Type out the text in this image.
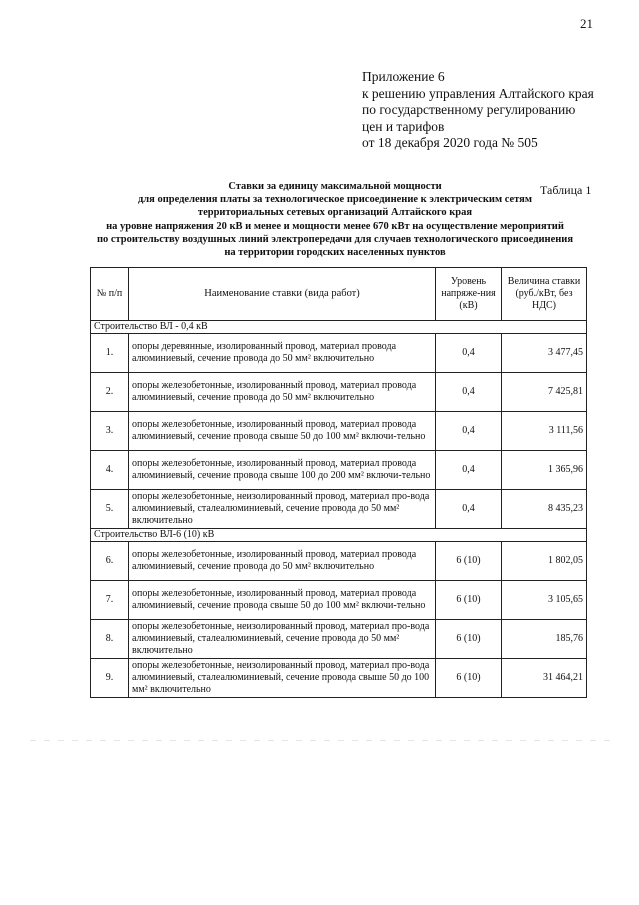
21
Приложение 6
к решению управления Алтайского края
по государственному регулированию
цен и тарифов
от 18 декабря 2020 года № 505
Таблица 1
Ставки за единицу максимальной мощности
для определения платы за технологическое присоединение к электрическим сетям
территориальных сетевых организаций Алтайского края
на уровне напряжения 20 кВ и менее и мощности менее 670 кВт на осуществление мероприятий
по строительству воздушных линий электропередачи для случаев технологического присоединения
на территории городских населенных пунктов
№ п/п	Наименование ставки (вида работ)	Уровень напряже-ния (кВ)	Величина ставки (руб./кВт, без НДС)
Строительство ВЛ - 0,4 кВ			
1.	опоры деревянные, изолированный провод, материал провода алюминиевый, сечение провода до 50 мм² включительно	0,4	3 477,45
2.	опоры железобетонные, изолированный провод, материал провода алюминиевый, сечение провода до 50 мм² включительно	0,4	7 425,81
3.	опоры железобетонные, изолированный провод, материал провода алюминиевый, сечение провода свыше 50 до 100 мм² включи-тельно	0,4	3 111,56
4.	опоры железобетонные, изолированный провод, материал провода алюминиевый, сечение провода свыше 100 до 200 мм² включи-тельно	0,4	1 365,96
5.	опоры железобетонные, неизолированный провод, материал про-вода алюминиевый, сталеалюминиевый, сечение провода до 50 мм² включительно	0,4	8 435,23
Строительство ВЛ-6 (10) кВ			
6.	опоры железобетонные, изолированный провод, материал провода алюминиевый, сечение провода до 50 мм² включительно	6 (10)	1 802,05
7.	опоры железобетонные, изолированный провод, материал провода алюминиевый, сечение провода свыше 50 до 100 мм² включи-тельно	6 (10)	3 105,65
8.	опоры железобетонные, неизолированный провод, материал про-вода алюминиевый, сталеалюминиевый, сечение провода до 50 мм² включительно	6 (10)	185,76
9.	опоры железобетонные, неизолированный провод, материал про-вода алюминиевый, сталеалюминиевый, сечение провода свыше 50 до 100 мм² включительно	6 (10)	31 464,21
